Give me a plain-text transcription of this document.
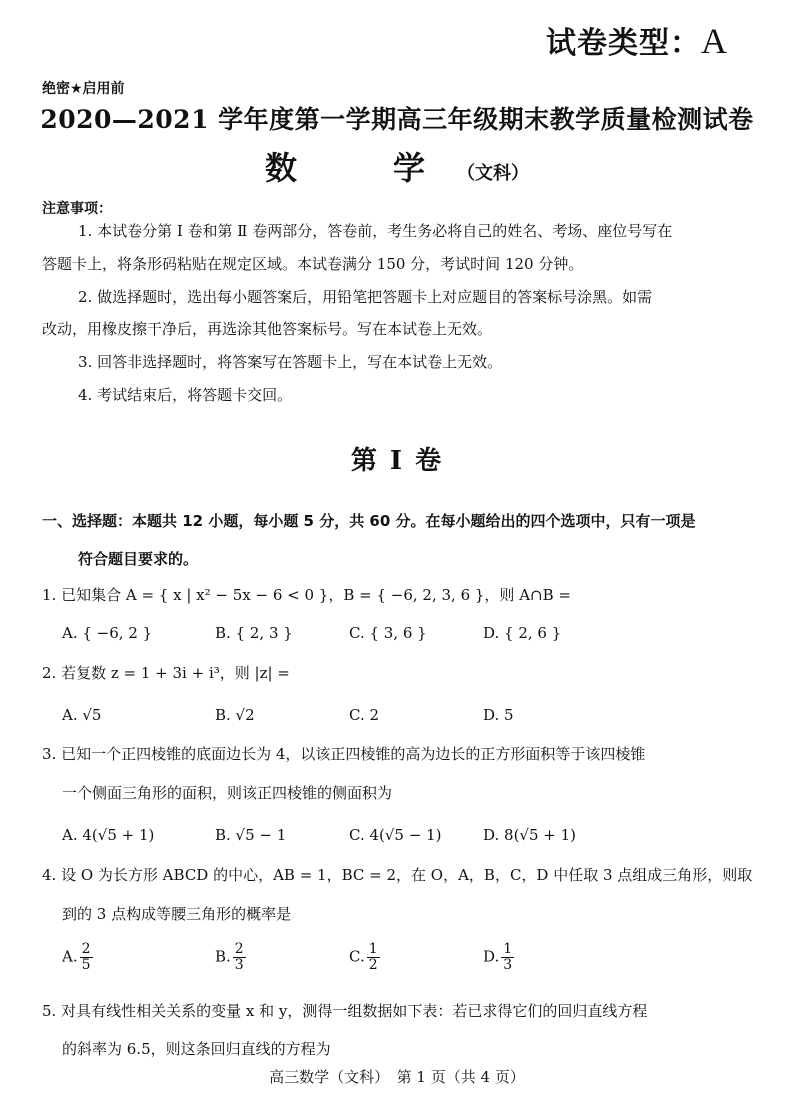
试卷类型：A
绝密★启用前
2020—2021 学年度第一学期高三年级期末教学质量检测试卷
数　学（文科）
注意事项：
1. 本试卷分第 Ⅰ 卷和第 Ⅱ 卷两部分，答卷前，考生务必将自己的姓名、考场、座位号写在
答题卡上，将条形码粘贴在规定区域。本试卷满分 150 分，考试时间 120 分钟。
2. 做选择题时，选出每小题答案后，用铅笔把答题卡上对应题目的答案标号涂黑。如需
改动，用橡皮擦干净后，再选涂其他答案标号。写在本试卷上无效。
3. 回答非选择题时，将答案写在答题卡上，写在本试卷上无效。
4. 考试结束后，将答题卡交回。
第 Ⅰ 卷
一、选择题：本题共 12 小题，每小题 5 分，共 60 分。在每小题给出的四个选项中，只有一项是
符合题目要求的。
1. 已知集合 A = { x | x² − 5x − 6 < 0 }，B = { −6, 2, 3, 6 }，则 A∩B =
A. { −6, 2 }	B. { 2, 3 }	C. { 3, 6 }	D. { 2, 6 }
2. 若复数 z = 1 + 3i + i³，则 |z| =
A. √5	B. √2	C. 2	D. 5
3. 已知一个正四棱锥的底面边长为 4，以该正四棱锥的高为边长的正方形面积等于该四棱锥
一个侧面三角形的面积，则该正四棱锥的侧面积为
A. 4(√5 + 1)	B. √5 − 1	C. 4(√5 − 1)	D. 8(√5 + 1)
4. 设 O 为长方形 ABCD 的中心，AB = 1，BC = 2，在 O，A，B，C，D 中任取 3 点组成三角形，则取
到的 3 点构成等腰三角形的概率是
A. $\frac{2}{5}$	B. $\frac{2}{3}$	C. $\frac{1}{2}$	D. $\frac{1}{3}$
5. 对具有线性相关关系的变量 x 和 y，测得一组数据如下表：若已求得它们的回归直线方程
的斜率为 6.5，则这条回归直线的方程为
高三数学（文科）　第 1 页（共 4 页）
